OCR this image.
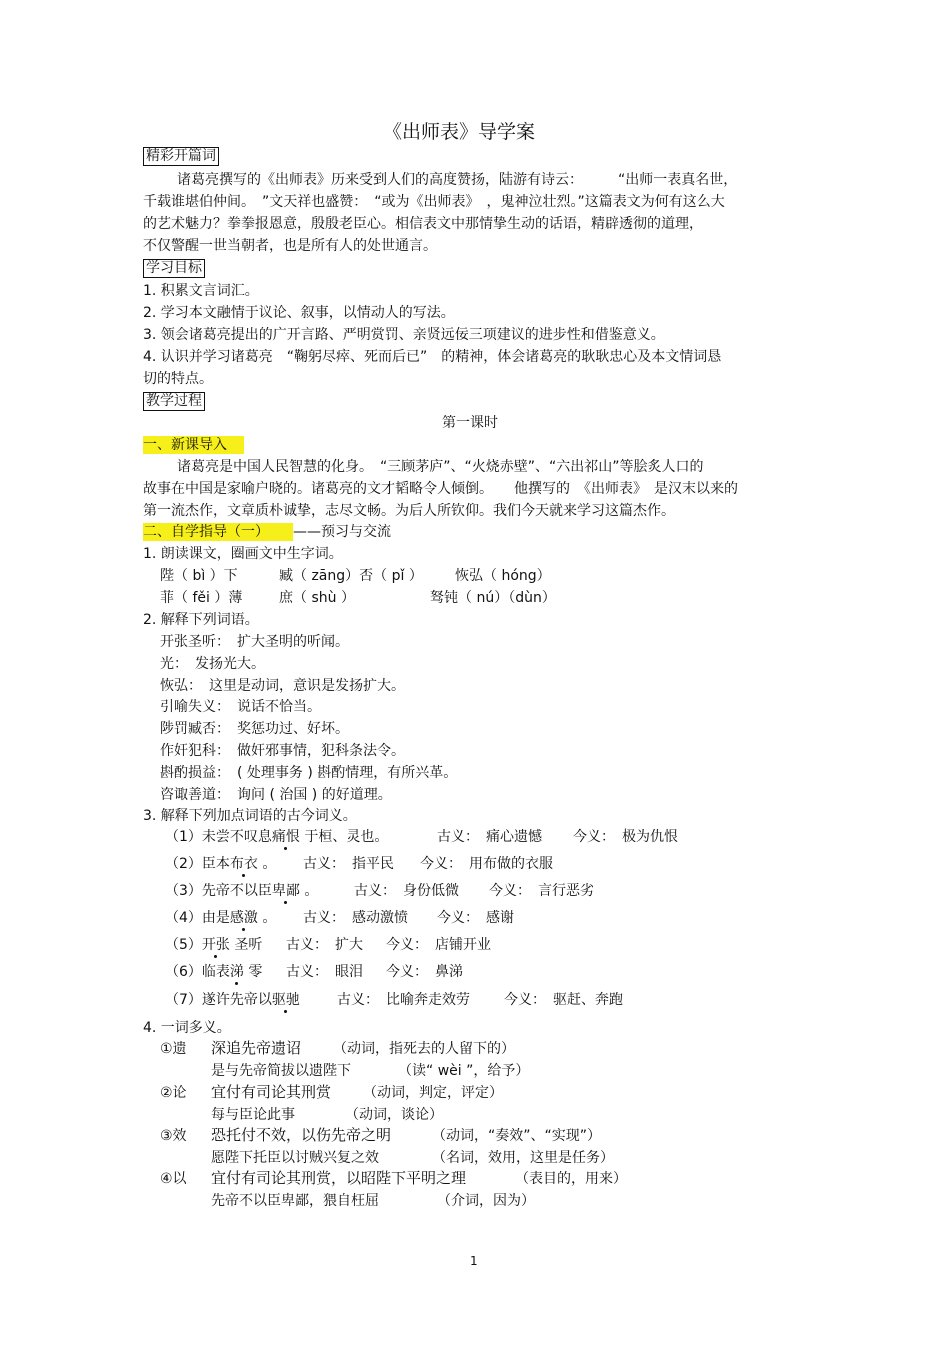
《出师表》导学案
精彩开篇词
诸葛亮撰写的《出师表》历来受到人们的高度赞扬，陆游有诗云：　　　“出师一表真名世，
千载谁堪伯仲间。　”文天祥也盛赞：　“或为《出师表》　，鬼神泣壮烈。”这篇表文为何有这么大
的艺术魅力？拳拳报恩意，殷殷老臣心。相信表文中那情挚生动的话语，精辟透彻的道理，
不仅警醒一世当朝者，也是所有人的处世通言。
学习目标
1. 积累文言词汇。
2. 学习本文融情于议论、叙事，以情动人的写法。
3. 领会诸葛亮提出的广开言路、严明赏罚、亲贤远佞三项建议的进步性和借鉴意义。
4. 认识并学习诸葛亮　“鞠躬尽瘁、死而后已”　的精神，体会诸葛亮的耿耿忠心及本文情词恳
切的特点。
教学过程
第一课时
一、新课导入
诸葛亮是中国人民智慧的化身。　“三顾茅庐”、“火烧赤壁”、“六出祁山”等脍炙人口的
故事在中国是家喻户晓的。诸葛亮的文才韬略令人倾倒。　　他撰写的　《出师表》　是汉末以来的
第一流杰作，文章质朴诚挚，志尽文畅。为后人所钦仰。我们今天就来学习这篇杰作。
二、自学指导（一） ——预习与交流
1. 朗读课文，圈画文中生字词。
陛（ bì ）下	臧（ zāng）否（ pǐ ） 恢弘（ hóng）
菲（ fěi ）薄	庶（ shù ）	驽钝（ nú）（dùn）
2. 解释下列词语。
开张圣听：　扩大圣明的听闻。
光：　发扬光大。
恢弘：　这里是动词，意识是发扬扩大。
引喻失义：　说话不恰当。
陟罚臧否：　奖惩功过、好坏。
作奸犯科：　做奸邪事情，犯科条法令。
斟酌损益：　( 处理事务 ) 斟酌情理，有所兴革。
咨诹善道：　询问 ( 治国 ) 的好道理。
3. 解释下列加点词语的古今词义。
（1）未尝不叹息痛恨 于桓、灵也。	古义：　痛心遗憾 今义：　极为仇恨
（2）臣本布衣 。 古义：　指平民 今义：　用布做的衣服
（3）先帝不以臣卑鄙 。	古义：　身份低微 今义：　言行恶劣
（4）由是感激 。 古义：　感动激愤 今义：　感谢
（5）开张 圣听 古义：　扩大 今义：　店铺开业
（6）临表涕 零 古义：　眼泪 今义：　鼻涕
（7）遂许先帝以驱驰	古义：　比喻奔走效劳 今义：　驱赶、奔跑
4. 一词多义。
①遗 深追先帝遗诏 （动词，指死去的人留下的）
是与先帝简拔以遗陛下	（读“ wèi ”，给予）
②论 宜付有司论其刑赏 （动词，判定，评定）
每与臣论此事	（动词，谈论）
③效 恐托付不效，以伤先帝之明	（动词，“奏效”、“实现”）
愿陛下托臣以讨贼兴复之效	（名词，效用，这里是任务）
④以 宜付有司论其刑赏，以昭陛下平明之理	（表目的，用来）
先帝不以臣卑鄙，猥自枉屈	（介词，因为）
1
